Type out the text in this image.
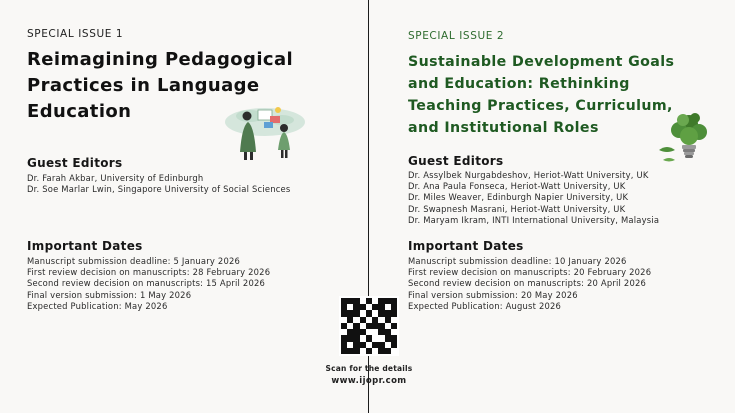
SPECIAL ISSUE 1
Reimagining Pedagogical
Practices in Language
Education
Guest Editors
Dr. Farah Akbar, University of Edinburgh
Dr. Soe Marlar Lwin, Singapore University of Social Sciences
Important Dates
Manuscript submission deadline: 5 January 2026
First review decision on manuscripts: 28 February 2026
Second review decision on manuscripts: 15 April 2026
Final version submission: 1 May 2026
Expected Publication: May 2026
SPECIAL ISSUE 2
Sustainable Development Goals
and Education: Rethinking
Teaching Practices, Curriculum,
and Institutional Roles
Guest Editors
Dr. Assylbek Nurgabdeshov, Heriot-Watt University, UK
Dr. Ana Paula Fonseca, Heriot-Watt University, UK
Dr. Miles Weaver, Edinburgh Napier University, UK
Dr. Swapnesh Masrani, Heriot-Watt University, UK
Dr. Maryam Ikram, INTI International University, Malaysia
Important Dates
Manuscript submission deadline: 10 January 2026
First review decision on manuscripts: 20 February 2026
Second review decision on manuscripts: 20 April 2026
Final version submission: 20 May 2026
Expected Publication: August 2026
Scan for the details
www.ijopr.com
